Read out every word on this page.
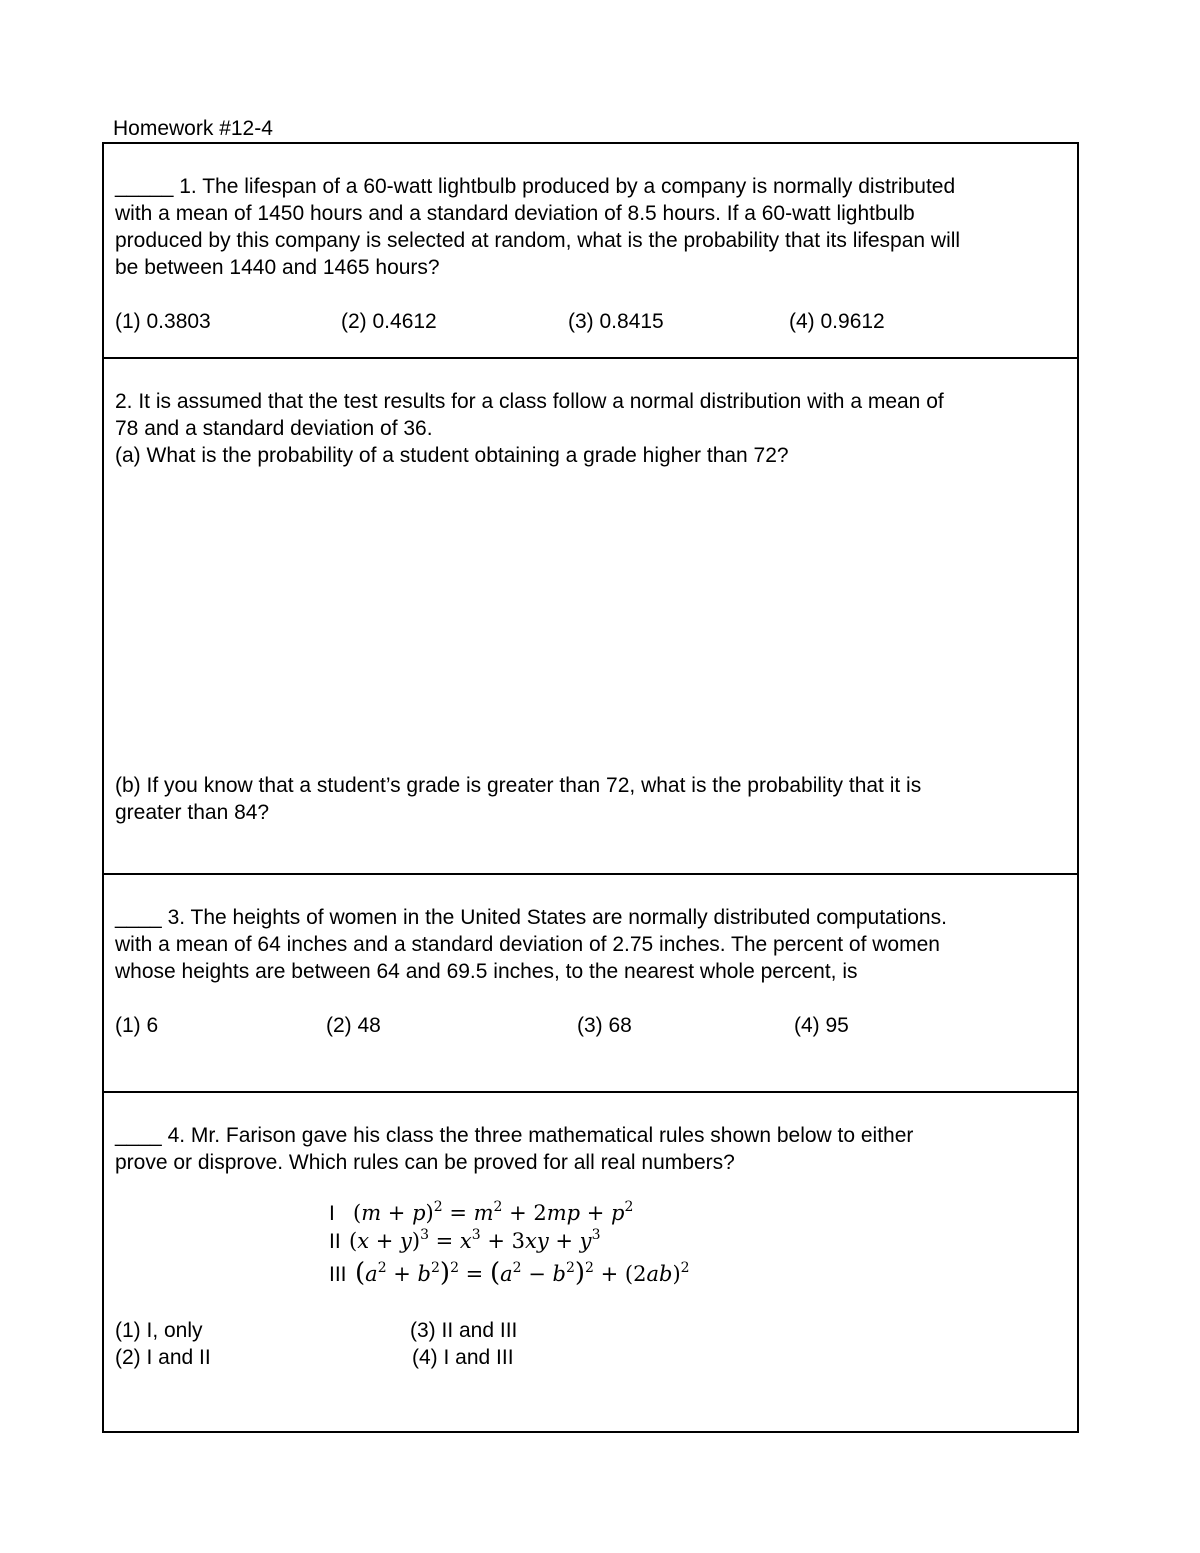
Homework #12-4
_____ 1. The lifespan of a 60-watt lightbulb produced by a company is normally distributed
with a mean of 1450 hours and a standard deviation of 8.5 hours. If a 60-watt lightbulb
produced by this company is selected at random, what is the probability that its lifespan will
be between 1440 and 1465 hours?
(1) 0.3803	(2) 0.4612	(3) 0.8415	(4) 0.9612
2. It is assumed that the test results for a class follow a normal distribution with a mean of
78 and a standard deviation of 36.
(a) What is the probability of a student obtaining a grade higher than 72?
(b) If you know that a student’s grade is greater than 72, what is the probability that it is
greater than 84?
____ 3. The heights of women in the United States are normally distributed computations.
with a mean of 64 inches and a standard deviation of 2.75 inches. The percent of women
whose heights are between 64 and 69.5 inches, to the nearest whole percent, is
(1) 6	(2) 48	(3) 68	(4) 95
____ 4. Mr. Farison gave his class the three mathematical rules shown below to either
prove or disprove. Which rules can be proved for all real numbers?
I $(m + p)^2 = m^2 + 2mp + p^2$
II $(x + y)^3 = x^3 + 3xy + y^3$
III $(a^2 + b^2)^2 = (a^2 - b^2)^2 + (2ab)^2$
(1) I, only
(2) I and II
(3) II and III
(4) I and III
